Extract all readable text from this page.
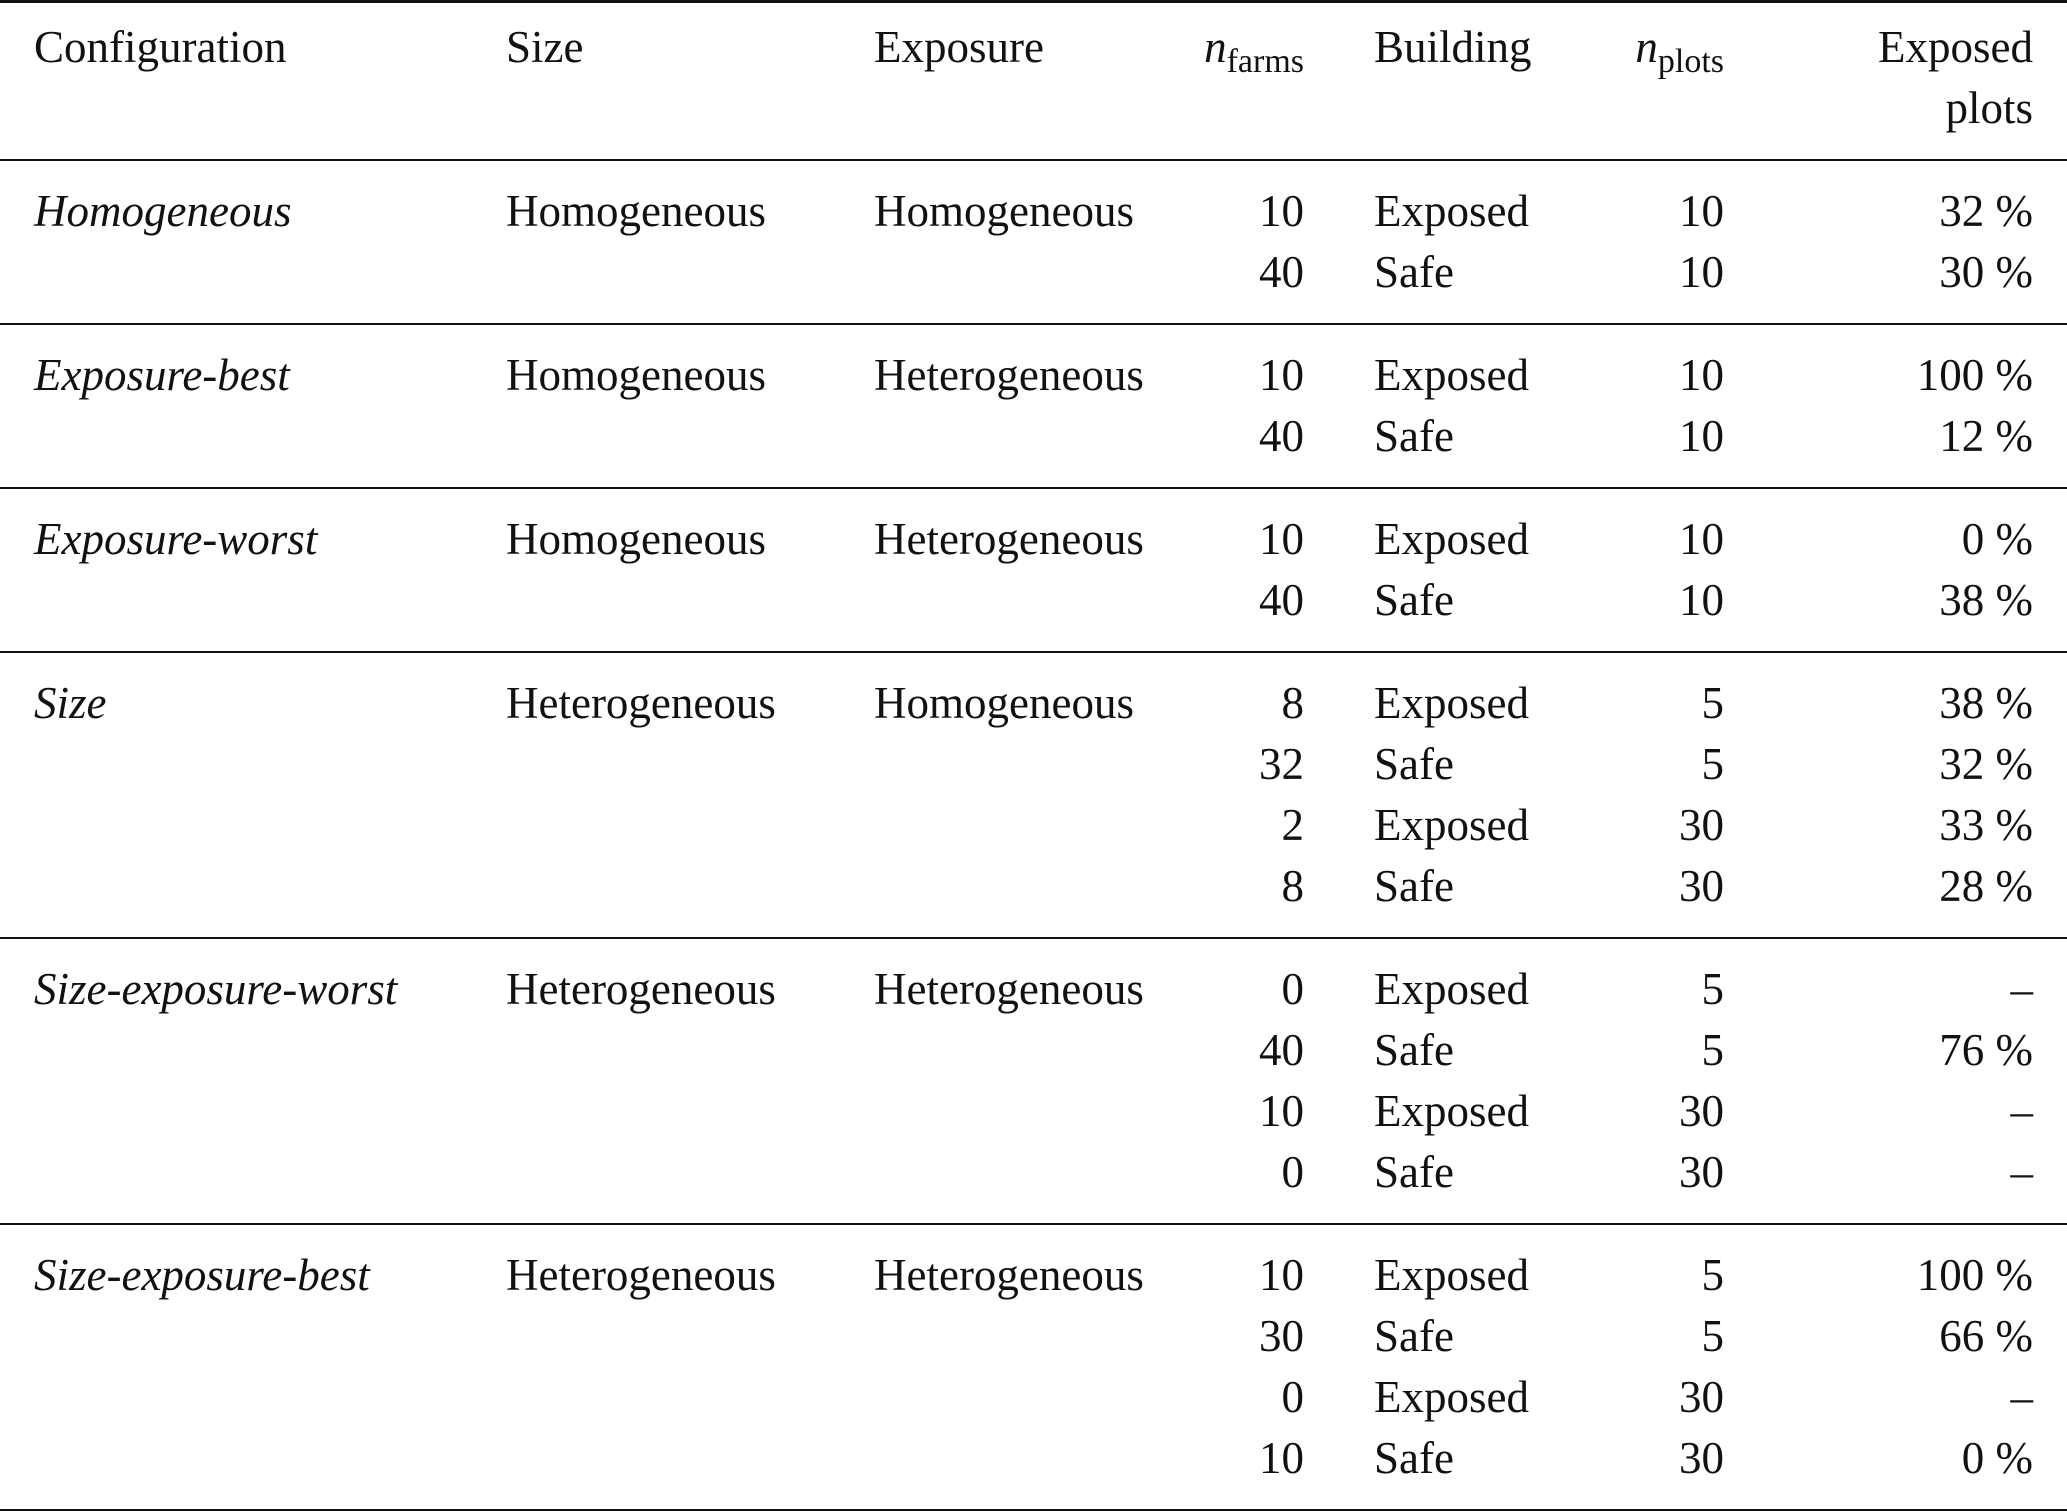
Configuration	Size	Exposure	$n_{farms}$	Building	$n_{plots}$	Exposed
plots
Homogeneous	Homogeneous	Homogeneous	10	Exposed	10	32 %
			40	Safe	10	30 %
Exposure-best	Homogeneous	Heterogeneous	10	Exposed	10	100 %
			40	Safe	10	12 %
Exposure-worst	Homogeneous	Heterogeneous	10	Exposed	10	0 %
			40	Safe	10	38 %
Size	Heterogeneous	Homogeneous	8	Exposed	5	38 %
			32	Safe	5	32 %
			2	Exposed	30	33 %
			8	Safe	30	28 %
Size-exposure-worst	Heterogeneous	Heterogeneous	0	Exposed	5	–
			40	Safe	5	76 %
			10	Exposed	30	–
			0	Safe	30	–
Size-exposure-best	Heterogeneous	Heterogeneous	10	Exposed	5	100 %
			30	Safe	5	66 %
			0	Exposed	30	–
			10	Safe	30	0 %
